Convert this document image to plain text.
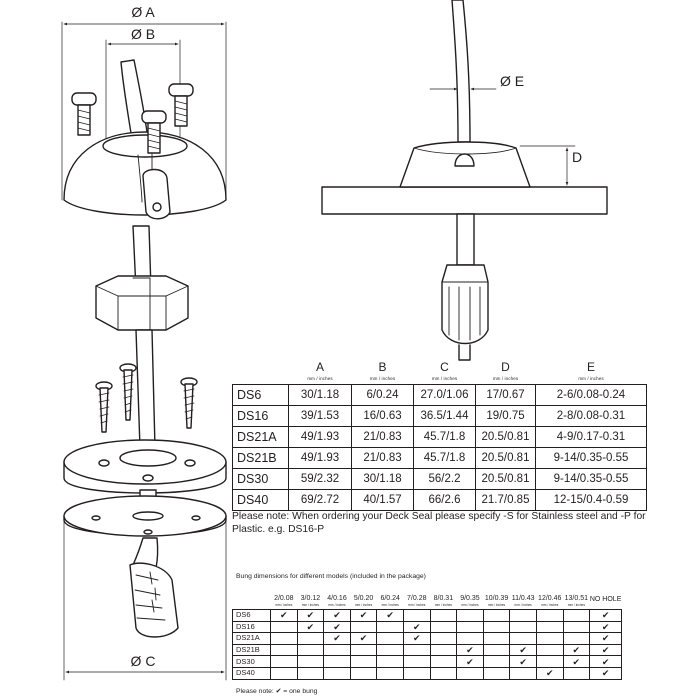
Ø A
Ø B
Ø C
D
Ø E

	A
mm / inches	B
mm / inches	C
mm / inches	D
mm / inches	E
mm / inches

DS6	30/1.18	6/0.24	27.0/1.06	17/0.67	2-6/0.08-0.24
DS16	39/1.53	16/0.63	36.5/1.44	19/0.75	2-8/0.08-0.31
DS21A	49/1.93	21/0.83	45.7/1.8	20.5/0.81	4-9/0.17-0.31
DS21B	49/1.93	21/0.83	45.7/1.8	20.5/0.81	9-14/0.35-0.55
DS30	59/2.32	30/1.18	56/2.2	20.5/0.81	9-14/0.35-0.55
DS40	69/2.72	40/1.57	66/2.6	21.7/0.85	12-15/0.4-0.59
Please note: When ordering your Deck Seal please specify -S for Stainless steel and -P for Plastic. e.g. DS16-P
Bung dimensions for different models (included in the package)

	2/0.08
mm / inches	3/0.12
mm / inches	4/0.16
mm / inches	5/0.20
mm / inches	6/0.24
mm / inches	7/0.28
mm / inches	8/0.31
mm / inches	9/0.35
mm / inches	10/0.39
mm / inches	11/0.43
mm / inches	12/0.46
mm / inches	13/0.51
mm / inches	NO HOLE

DS6	✔	✔	✔	✔	✔								✔
DS16		✔	✔			✔							✔
DS21A			✔	✔		✔							✔
DS21B								✔		✔		✔	✔
DS30								✔		✔		✔	✔
DS40											✔		✔
Please note: ✔ = one bung
